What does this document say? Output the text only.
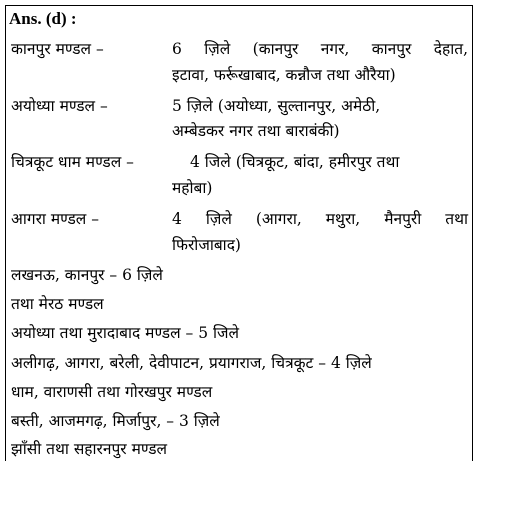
Ans. (d) :
कानपुर मण्डल –	6 ज़िले (कानपुर नगर, कानपुर देहात,
इटावा, फर्रूखाबाद, कन्नौज तथा औरैया)
अयोध्या मण्डल –	5 ज़िले (अयोध्या, सुल्तानपुर, अमेठी,
अम्बेडकर नगर तथा बाराबंकी)
चित्रकूट धाम मण्डल –	4 जिले (चित्रकूट, बांदा, हमीरपुर तथा
महोबा)
आगरा मण्डल –	4 ज़िले (आगरा, मथुरा, मैनपुरी तथा
फिरोजाबाद)
लखनऊ, कानपुर – 6 ज़िले
तथा मेरठ मण्डल
अयोध्या तथा मुरादाबाद मण्डल – 5 जिले
अलीगढ़, आगरा, बरेली, देवीपाटन, प्रयागराज, चित्रकूट – 4 ज़िले
धाम, वाराणसी तथा गोरखपुर मण्डल
बस्ती, आजमगढ़, मिर्जापुर, – 3 ज़िले
झाँसी तथा सहारनपुर मण्डल
